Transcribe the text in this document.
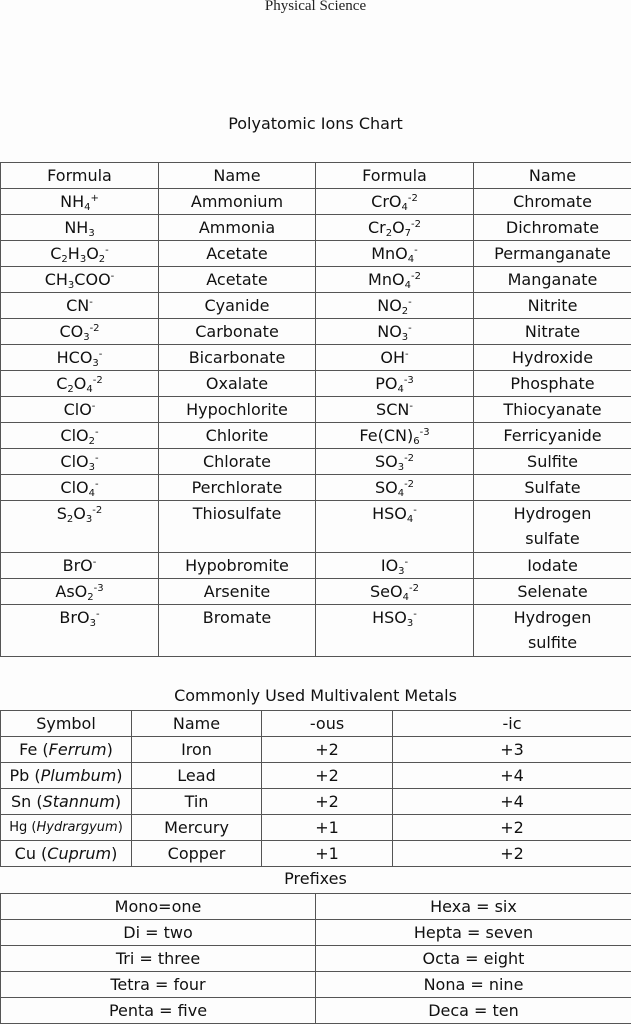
Physical Science
Polyatomic Ions Chart
Formula	Name	Formula	Name
$NH_4^+$	Ammonium	CrO$_4^{-2}$	Chromate
$NH_3$	Ammonia	$Cr_2O_7^{-2}$	Dichromate
$C_2H_3O_2^-$	Acetate	MnO$_4$-	Permanganate
$CH_3COO^-$	Acetate	MnO$_4^{-2}$	Manganate
CN-	Cyanide	$NO_2^-$	Nitrite
$CO_3^{-2}$	Carbonate	$NO_3^-$	Nitrate
$HCO_3^-$	Bicarbonate	OH-	Hydroxide
$C_2O_4^{-2}$	Oxalate	$PO_4^{-3}$	Phosphate
ClO-	Hypochlorite	SCN-	Thiocyanate
ClO$_2$-	Chlorite	$Fe(CN)_6^{-3}$	Ferricyanide
ClO$_3$-	Chlorate	$SO_3^{-2}$	Sulfite
ClO$_4$-	Perchlorate	$SO_4^{-2}$	Sulfate
$S_2O_3^{-2}$	Thiosulfate	$HSO_4^-$	Hydrogen sulfate
BrO-	Hypobromite	$IO_3^-$	Iodate
AsO$_2^{-3}$	Arsenite	SeO$_4^{-2}$	Selenate
BrO$_3$-	Bromate	$HSO_3^-$	Hydrogen sulfite
Commonly Used Multivalent Metals
Symbol	Name	-ous	-ic
Fe (Ferrum)	Iron	+2	+3
Pb (Plumbum)	Lead	+2	+4
Sn (Stannum)	Tin	+2	+4
Hg (Hydrargyum)	Mercury	+1	+2
Cu (Cuprum)	Copper	+1	+2
Prefixes
Mono=one	Hexa = six
Di = two	Hepta = seven
Tri = three	Octa = eight
Tetra = four	Nona = nine
Penta = five	Deca = ten
